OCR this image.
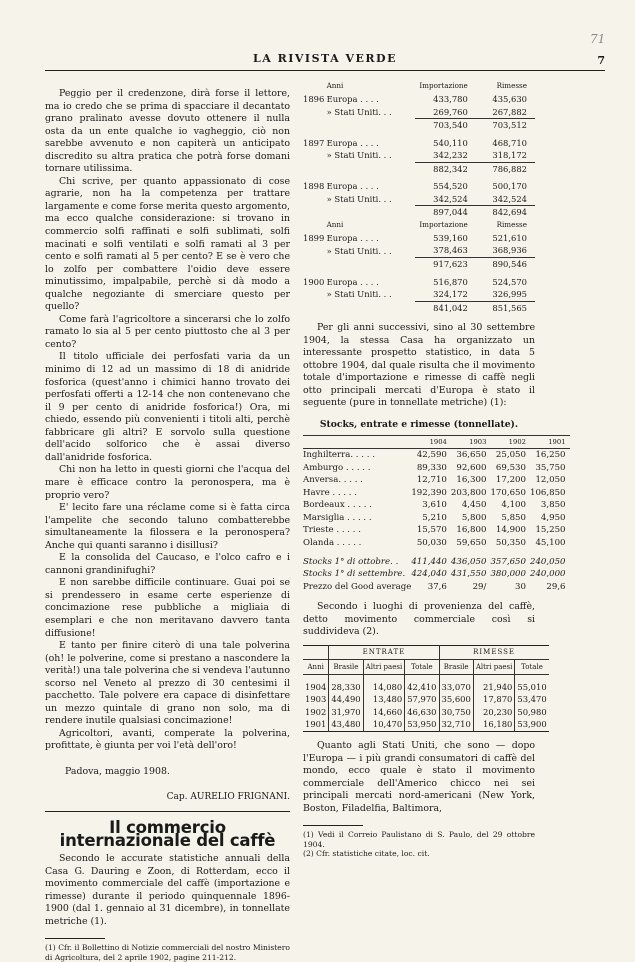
LA RIVISTA VERDE	7
71

Peggio per il credenzone, dirà forse il lettore, ma io credo che se prima di spacciare il decantato grano pralinato avesse dovuto ottenere il nulla osta da un ente qualche io vagheggio, ciò non sarebbe avvenuto e non capiterà un anticipato discredito su altra pratica che potrà forse domani tornare utilissima.

Chi scrive, per quanto appassionato di cose agrarie, non ha la competenza per trattare largamente e come forse merita questo argomento, ma ecco qualche considerazione: si trovano in commercio solfi raffinati e solfi sublimati, solfi macinati e solfi ventilati e solfi ramati al 3 per cento e solfi ramati al 5 per cento? E se è vero che lo zolfo per combattere l'oidio deve essere minutissimo, impalpabile, perchè si dà modo a qualche negoziante di smerciare questo per quello?

Come farà l'agricoltore a sincerarsi che lo zolfo ramato lo sia al 5 per cento piuttosto che al 3 per cento?

Il titolo ufficiale dei perfosfati varia da un minimo di 12 ad un massimo di 18 di anidride fosforica (quest'anno i chimici hanno trovato dei perfosfati offerti a 12-14 che non contenevano che il 9 per cento di anidride fosforica!) Ora, mi chiedo, essendo più convenienti i titoli alti, perchè fabbricare gli altri? E sorvolo sulla questione dell'acido solforico che è assai diverso dall'anidride fosforica.

Chi non ha letto in questi giorni che l'acqua del mare è efficace contro la peronospera, ma è proprio vero?

E' lecito fare una réclame come si è fatta circa l'ampelite che secondo taluno combatterebbe simultaneamente la filossera e la peronospera? Anche qui quanti saranno i disillusi?

E la consolida del Caucaso, e l'olco cafro e i cannoni grandinifughi?

E non sarebbe difficile continuare. Guai poi se si prendessero in esame certe esperienze di concimazione rese pubbliche a migliaia di esemplari e che non meritavano davvero tanta diffusione!

E tanto per finire citerò di una tale polverina (oh! le polverine, come si prestano a nascondere la verità!) una tale polverina che si vendeva l'autunno scorso nel Veneto al prezzo di 30 centesimi il pacchetto. Tale polvere era capace di disinfettare un mezzo quintale di grano non solo, ma di rendere inutile qualsiasi concimazione!

Agricoltori, avanti, comperate la polverina, profittate, è giunta per voi l'età dell'oro!

Padova, maggio 1908.

Cap. AURELIO FRIGNANI.

Il commercio internazionale del caffè

Secondo le accurate statistiche annuali della Casa G. Dauring e Zoon, di Rotterdam, ecco il movimento commerciale del caffè (importazione e rimesse) durante il periodo quinquennale 1896-1900 (dal 1. gennaio al 31 dicembre), in tonnellate metriche (1).

(1) Cfr. il Bollettino di Notizie commerciali del nostro Ministero di Agricoltura, del 2 aprile 1902, pagine 211-212.

	Anni	Importazione	Rimesse
1896	Europa . . . .	433,780	435,630
	» Stati Uniti. . .	269,760	267,882
		703,540	703,512

1897	Europa . . . .	540,110	468,710
	» Stati Uniti. . .	342,232	318,172
		882,342	786,882

1898	Europa . . . .	554,520	500,170
	» Stati Uniti. . .	342,524	342,524
		897,044	842,694
	Anni	Importazione	Rimesse
1899	Europa . . . .	539,160	521,610
	» Stati Uniti. . .	378,463	368,936
		917,623	890,546

1900	Europa . . . .	516,870	524,570
	» Stati Uniti. . .	324,172	326,995
		841,042	851,565

Per gli anni successivi, sino al 30 settembre 1904, la stessa Casa ha organizzato un interessante prospetto statistico, in data 5 ottobre 1904, dal quale risulta che il movimento totale d'importazione e rimesse di caffè negli otto principali mercati d'Europa è stato il seguente (pure in tonnellate metriche) (1):

Stocks, entrate e rimesse (tonnellate).
	1904	1903	1902	1901
Inghilterra. . . . .	42,590	36,650	25,050	16,250
Amburgo . . . . .	89,330	92,600	69,530	35,750
Anversa. . . . .	12,710	16,300	17,200	12,050
Havre . . . . .	192,390	203,800	170,650	106,850
Bordeaux . . . . .	3,610	4,450	4,100	3,850
Marsiglia . . . . .	5,210	5,800	5,850	4,950
Trieste . . . . .	15,570	16,800	14,900	15,250
Olanda . . . . .	50,030	59,650	50,350	45,100

Stocks 1° di ottobre. .	411,440	436,050	357,650	240,050
Stocks 1° di settembre.	424,040	431,550	380,000	240,000
Prezzo del Good average	37,6	29/	30	29,6

Secondo i luoghi di provenienza del caffè, detto movimento commerciale così si suddivideva (2).

	ENTRATE			RIMESSE		
Anni	Brasile	Altri paesi	Totale	Brasile	Altri paesi	Totale

1904	28,330	14,080	42,410	33,070	21,940	55,010
1903	44,490	13,480	57,970	35,600	17,870	53,470
1902	31,970	14,660	46,630	30,750	20,230	50,980
1901	43,480	10,470	53,950	32,710	16,180	53,900

Quanto agli Stati Uniti, che sono — dopo l'Europa — i più grandi consumatori di caffè del mondo, ecco quale è stato il movimento commerciale dell'Americo chicco nei sei principali mercati nord-americani (New York, Boston, Filadelfia, Baltimora,

(1) Vedi il Correio Paulistano di S. Paulo, del 29 ottobre 1904.

(2) Cfr. statistiche citate, loc. cit.
